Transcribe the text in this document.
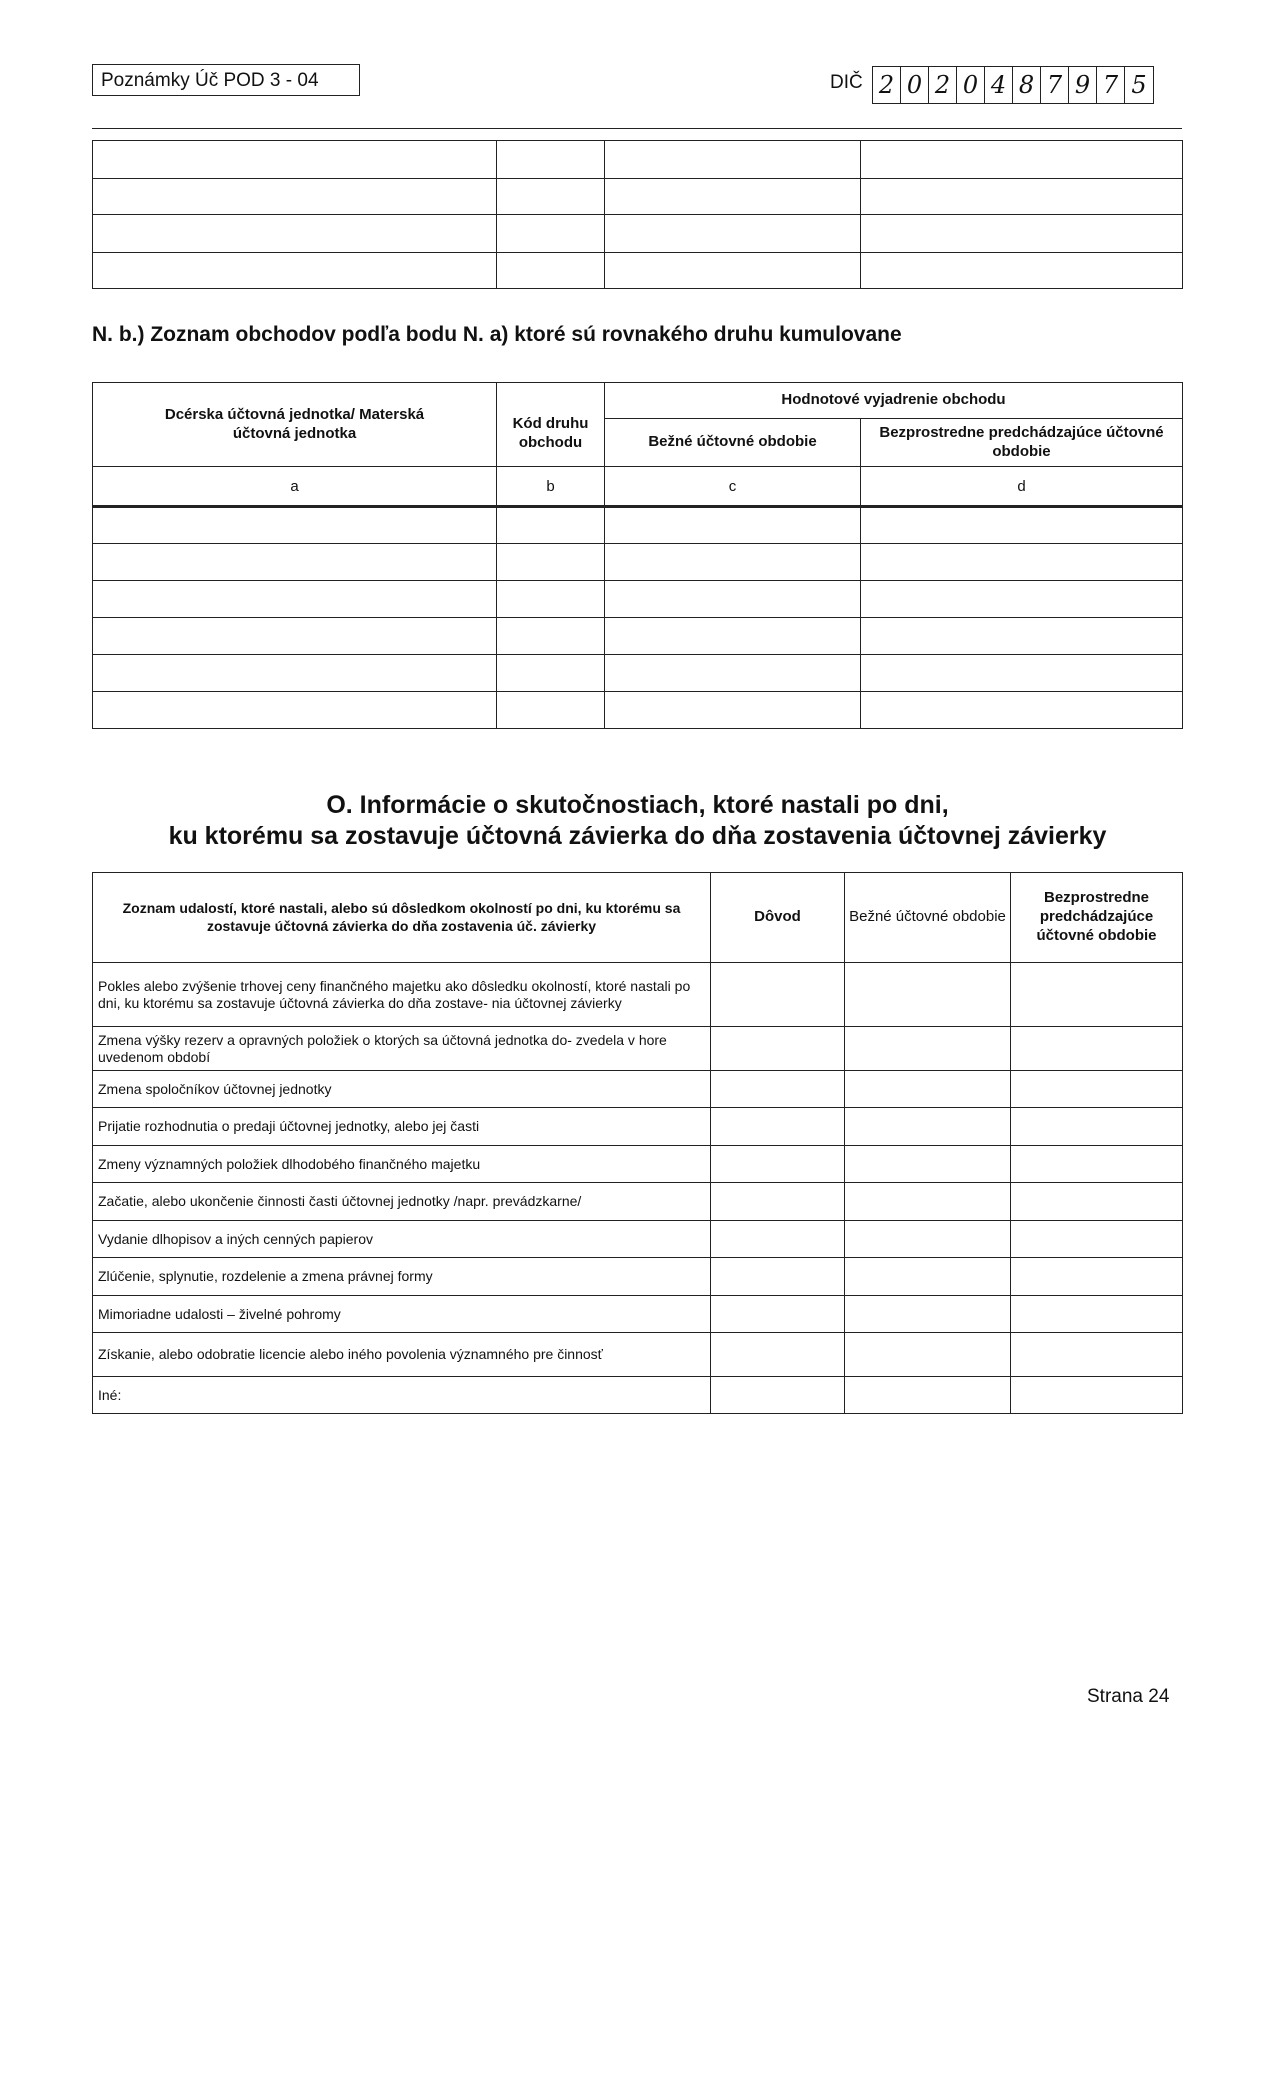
Poznámky Úč POD 3 - 04	DIČ 2 0 2 0 4 8 7 9 7 5

N. b.) Zoznam obchodov podľa bodu N. a) ktoré sú rovnakého druhu kumulovane
Dcérska účtovná jednotka/ Materská účtovná jednotka	Kód druhu obchodu	Hodnotové vyjadrenie obchodu	
		Bežné účtovné obdobie	Bezprostredne predchádzajúce účtovné obdobie
a	b	c	d

O. Informácie o skutočnostiach, ktoré nastali po dni,
ku ktorému sa zostavuje účtovná závierka do dňa zostavenia účtovnej závierky
Zoznam udalostí, ktoré nastali, alebo sú dôsledkom okolností po dni, ku ktorému sa zostavuje účtovná závierka do dňa zostavenia úč. závierky	Dôvod	Bežné účtovné obdobie	Bezprostredne predchádzajúce účtovné obdobie
Pokles alebo zvýšenie trhovej ceny finančného majetku ako dôsledku okolností, ktoré nastali po dni, ku ktorému sa zostavuje účtovná závierka do dňa zostave- nia účtovnej závierky			
Zmena výšky rezerv a opravných položiek o ktorých sa účtovná jednotka do- zvedela v hore uvedenom období			
Zmena spoločníkov účtovnej jednotky			
Prijatie rozhodnutia o predaji účtovnej jednotky, alebo jej časti			
Zmeny významných položiek dlhodobého finančného majetku			
Začatie, alebo ukončenie činnosti časti účtovnej jednotky /napr. prevádzkarne/			
Vydanie dlhopisov a iných cenných papierov			
Zlúčenie, splynutie, rozdelenie a zmena právnej formy			
Mimoriadne udalosti – živelné pohromy			
Získanie, alebo odobratie licencie alebo iného povolenia významného pre činnosť			
Iné:			
Strana 24
